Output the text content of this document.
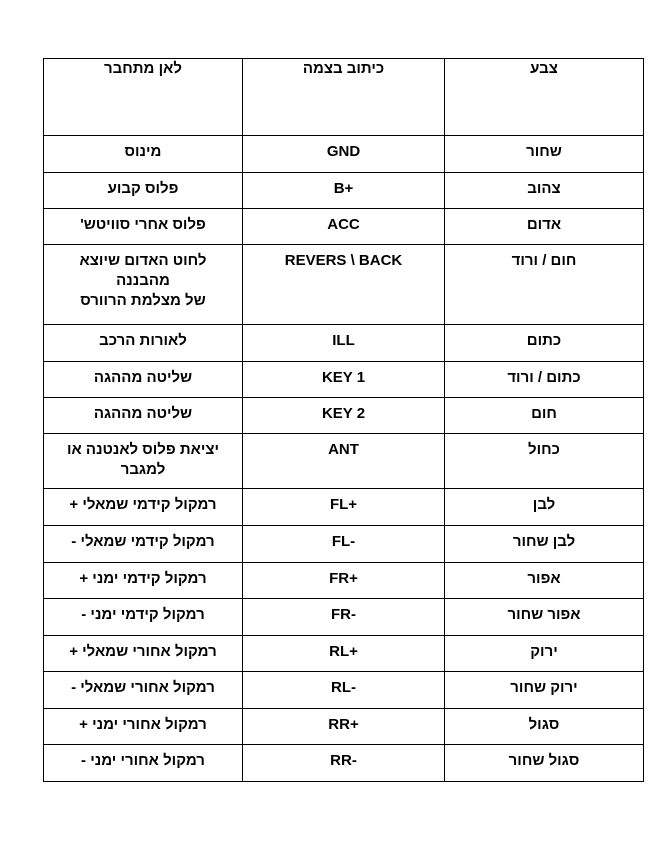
צבע	כיתוב בצמה	לאן מתחבר
שחור	GND	מינוס
צהוב	B+	פלוס קבוע
אדום	ACC	פלוס אחרי סוויטש'
חום / ורוד	REVERS \ BACK	לחוט האדום שיוצא
מהבננה
של מצלמת הרוורס

כתום	ILL	לאורות הרכב
כתום / ורוד	KEY 1	שליטה מההגה
חום	KEY 2	שליטה מההגה
כחול	ANT	יציאת פלוס לאנטנה או
למגבר

לבן	FL+	רמקול קידמי שמאלי +
לבן שחור	FL-	רמקול קידמי שמאלי -
אפור	FR+	רמקול קידמי ימני +
אפור שחור	FR-	רמקול קידמי ימני -
ירוק	RL+	רמקול אחורי שמאלי +
ירוק שחור	RL-	רמקול אחורי שמאלי -
סגול	RR+	רמקול אחורי ימני +
סגול שחור	RR-	רמקול אחורי ימני -
